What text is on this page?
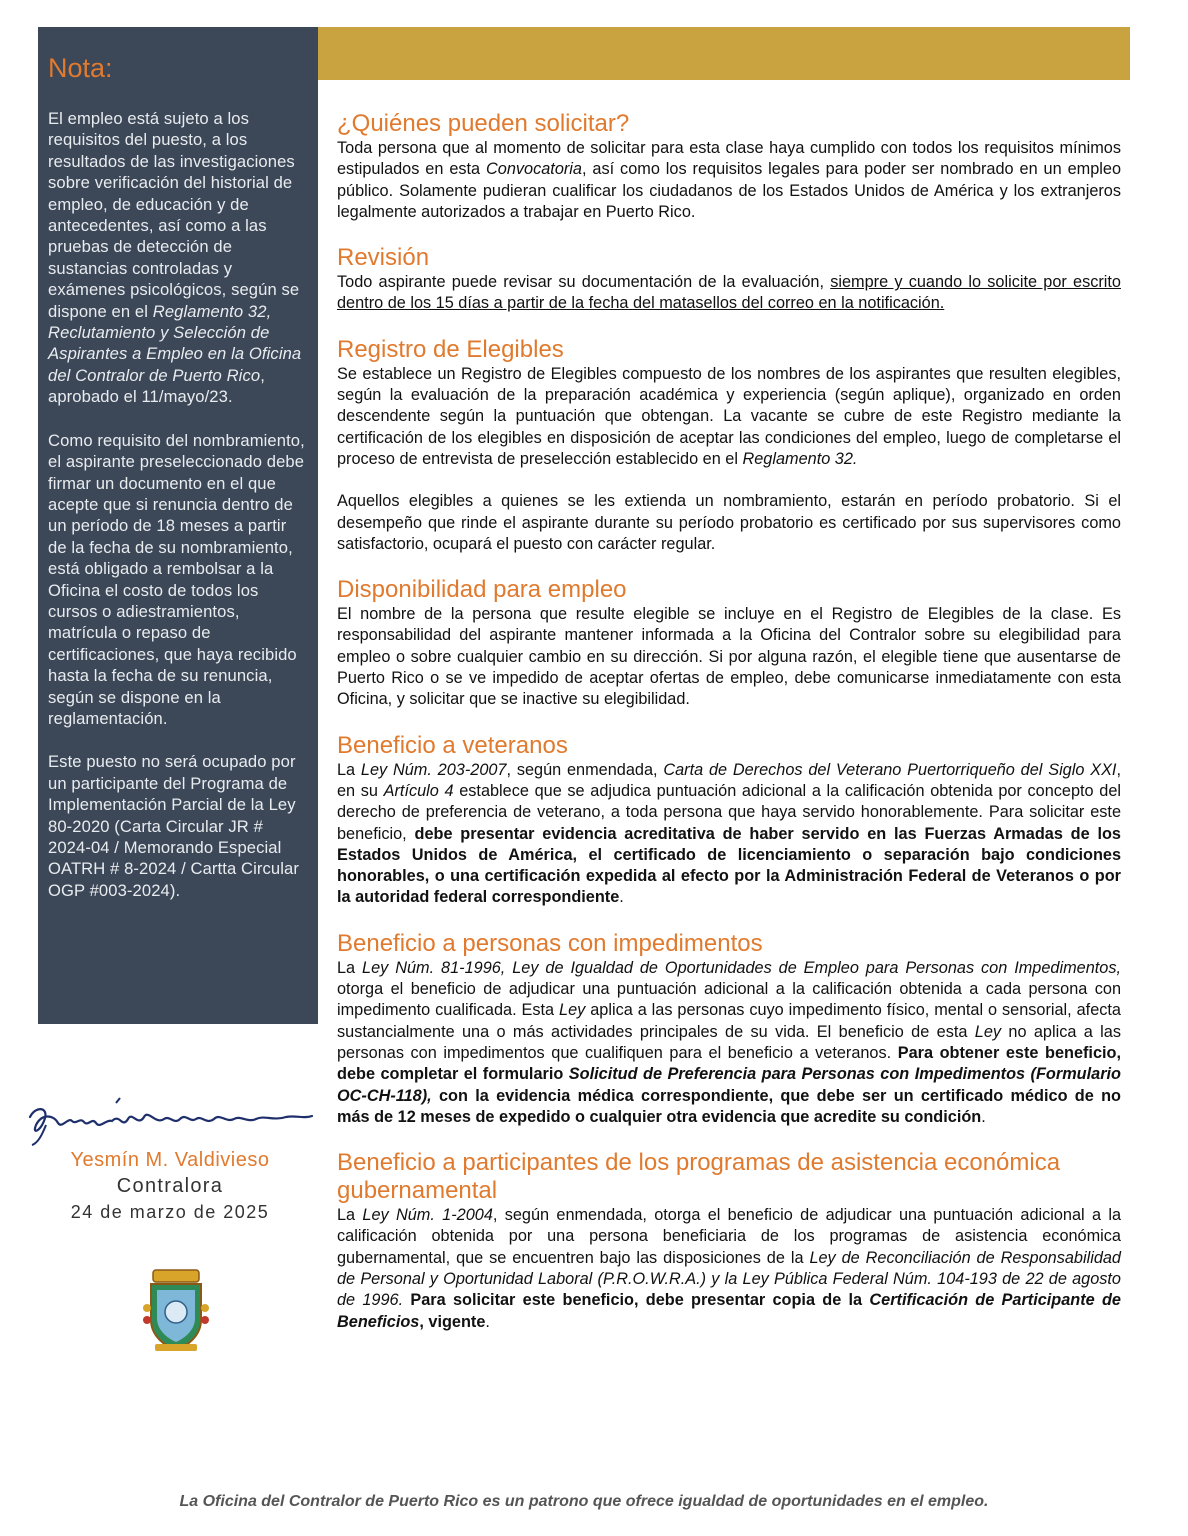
Nota:

El empleo está sujeto a los requisitos del puesto, a los resultados de las investigaciones sobre verificación del historial de empleo, de educación y de antecedentes, así como a las pruebas de detección de sustancias controladas y exámenes psicológicos, según se dispone en el Reglamento 32, Reclutamiento y Selección de Aspirantes a Empleo en la Oficina del Contralor de Puerto Rico, aprobado el 11/mayo/23.

Como requisito del nombramiento, el aspirante preseleccionado debe firmar un documento en el que acepte que si renuncia dentro de un período de 18 meses a partir de la fecha de su nombramiento, está obligado a rembolsar a la Oficina el costo de todos los cursos o adiestramientos, matrícula o repaso de certificaciones, que haya recibido hasta la fecha de su renuncia, según se dispone en la reglamentación.

Este puesto no será ocupado por un participante del Programa de Implementación Parcial de la Ley 80-2020 (Carta Circular JR # 2024-04 / Memorando Especial OATRH # 8-2024 / Cartta Circular OGP #003-2024).

¿Quiénes pueden solicitar?

Toda persona que al momento de solicitar para esta clase haya cumplido con todos los requisitos mínimos estipulados en esta Convocatoria, así como los requisitos legales para poder ser nombrado en un empleo público. Solamente pudieran cualificar los ciudadanos de los Estados Unidos de América y los extranjeros legalmente autorizados a trabajar en Puerto Rico.

Revisión

Todo aspirante puede revisar su documentación de la evaluación, siempre y cuando lo solicite por escrito dentro de los 15 días a partir de la fecha del matasellos del correo en la notificación.

Registro de Elegibles

Se establece un Registro de Elegibles compuesto de los nombres de los aspirantes que resulten elegibles, según la evaluación de la preparación académica y experiencia (según aplique), organizado en orden descendente según la puntuación que obtengan. La vacante se cubre de este Registro mediante la certificación de los elegibles en disposición de aceptar las condiciones del empleo, luego de completarse el proceso de entrevista de preselección establecido en el Reglamento 32.

Aquellos elegibles a quienes se les extienda un nombramiento, estarán en período probatorio. Si el desempeño que rinde el aspirante durante su período probatorio es certificado por sus supervisores como satisfactorio, ocupará el puesto con carácter regular.

Disponibilidad para empleo

El nombre de la persona que resulte elegible se incluye en el Registro de Elegibles de la clase. Es responsabilidad del aspirante mantener informada a la Oficina del Contralor sobre su elegibilidad para empleo o sobre cualquier cambio en su dirección. Si por alguna razón, el elegible tiene que ausentarse de Puerto Rico o se ve impedido de aceptar ofertas de empleo, debe comunicarse inmediatamente con esta Oficina, y solicitar que se inactive su elegibilidad.

Beneficio a veteranos

La Ley Núm. 203-2007, según enmendada, Carta de Derechos del Veterano Puertorriqueño del Siglo XXI, en su Artículo 4 establece que se adjudica puntuación adicional a la calificación obtenida por concepto del derecho de preferencia de veterano, a toda persona que haya servido honorablemente. Para solicitar este beneficio, debe presentar evidencia acreditativa de haber servido en las Fuerzas Armadas de los Estados Unidos de América, el certificado de licenciamiento o separación bajo condiciones honorables, o una certificación expedida al efecto por la Administración Federal de Veteranos o por la autoridad federal correspondiente.

Beneficio a personas con impedimentos

La Ley Núm. 81-1996, Ley de Igualdad de Oportunidades de Empleo para Personas con Impedimentos, otorga el beneficio de adjudicar una puntuación adicional a la calificación obtenida a cada persona con impedimento cualificada. Esta Ley aplica a las personas cuyo impedimento físico, mental o sensorial, afecta sustancialmente una o más actividades principales de su vida. El beneficio de esta Ley no aplica a las personas con impedimentos que cualifiquen para el beneficio a veteranos. Para obtener este beneficio, debe completar el formulario Solicitud de Preferencia para Personas con Impedimentos (Formulario OC-CH-118), con la evidencia médica correspondiente, que debe ser un certificado médico de no más de 12 meses de expedido o cualquier otra evidencia que acredite su condición.

Beneficio a participantes de los programas de asistencia económica gubernamental

La Ley Núm. 1-2004, según enmendada, otorga el beneficio de adjudicar una puntuación adicional a la calificación obtenida por una persona beneficiaria de los programas de asistencia económica gubernamental, que se encuentren bajo las disposiciones de la Ley de Reconciliación de Responsabilidad de Personal y Oportunidad Laboral (P.R.O.W.R.A.) y la Ley Pública Federal Núm. 104-193 de 22 de agosto de 1996. Para solicitar este beneficio, debe presentar copia de la Certificación de Participante de Beneficios, vigente.

Yesmín M. Valdivieso
Contralora
24 de marzo de 2025
La Oficina del Contralor de Puerto Rico es un patrono que ofrece igualdad de oportunidades en el empleo.
